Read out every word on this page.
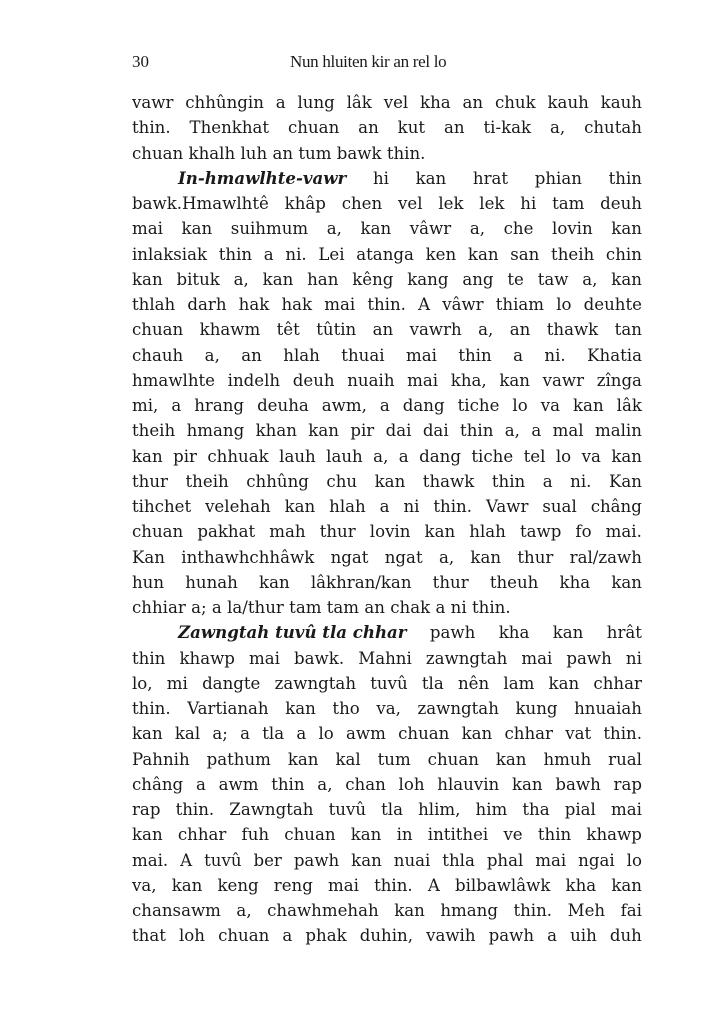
30	Nun hluiten kir an rel lo
vawr chhûngin a lung lâk vel kha an chuk kauh kauh
thin. Thenkhat chuan an kut an ti-kak a, chutah
chuan khalh luh an tum bawk thin.
In-hmawlhte-vawr hi kan hrat phian thin
bawk.Hmawlhtê khâp chen vel lek lek hi tam deuh
mai kan suihmum a, kan vâwr a, che lovin kan
inlaksiak thin a ni. Lei atanga ken kan san theih chin
kan bituk a, kan han kêng kang ang te taw a, kan
thlah darh hak hak mai thin. A vâwr thiam lo deuhte
chuan khawm têt tûtin an vawrh a, an thawk tan
chauh a, an hlah thuai mai thin a ni. Khatia
hmawlhte indelh deuh nuaih mai kha, kan vawr zînga
mi, a hrang deuha awm, a dang tiche lo va kan lâk
theih hmang khan kan pir dai dai thin a, a mal malin
kan pir chhuak lauh lauh a, a dang tiche tel lo va kan
thur theih chhûng chu kan thawk thin a ni. Kan
tihchet velehah kan hlah a ni thin. Vawr sual châng
chuan pakhat mah thur lovin kan hlah tawp fo mai.
Kan inthawhchhâwk ngat ngat a, kan thur ral/zawh
hun hunah kan lâkhran/kan thur theuh kha kan
chhiar a; a la/thur tam tam an chak a ni thin.
Zawngtah tuvû tla chhar pawh kha kan hrât
thin khawp mai bawk. Mahni zawngtah mai pawh ni
lo, mi dangte zawngtah tuvû tla nên lam kan chhar
thin. Vartianah kan tho va, zawngtah kung hnuaiah
kan kal a; a tla a lo awm chuan kan chhar vat thin.
Pahnih pathum kan kal tum chuan kan hmuh rual
châng a awm thin a, chan loh hlauvin kan bawh rap
rap thin. Zawngtah tuvû tla hlim, him tha pial mai
kan chhar fuh chuan kan in intithei ve thin khawp
mai. A tuvû ber pawh kan nuai thla phal mai ngai lo
va, kan keng reng mai thin. A bilbawlâwk kha kan
chansawm a, chawhmehah kan hmang thin. Meh fai
that loh chuan a phak duhin, vawih pawh a uih duh
